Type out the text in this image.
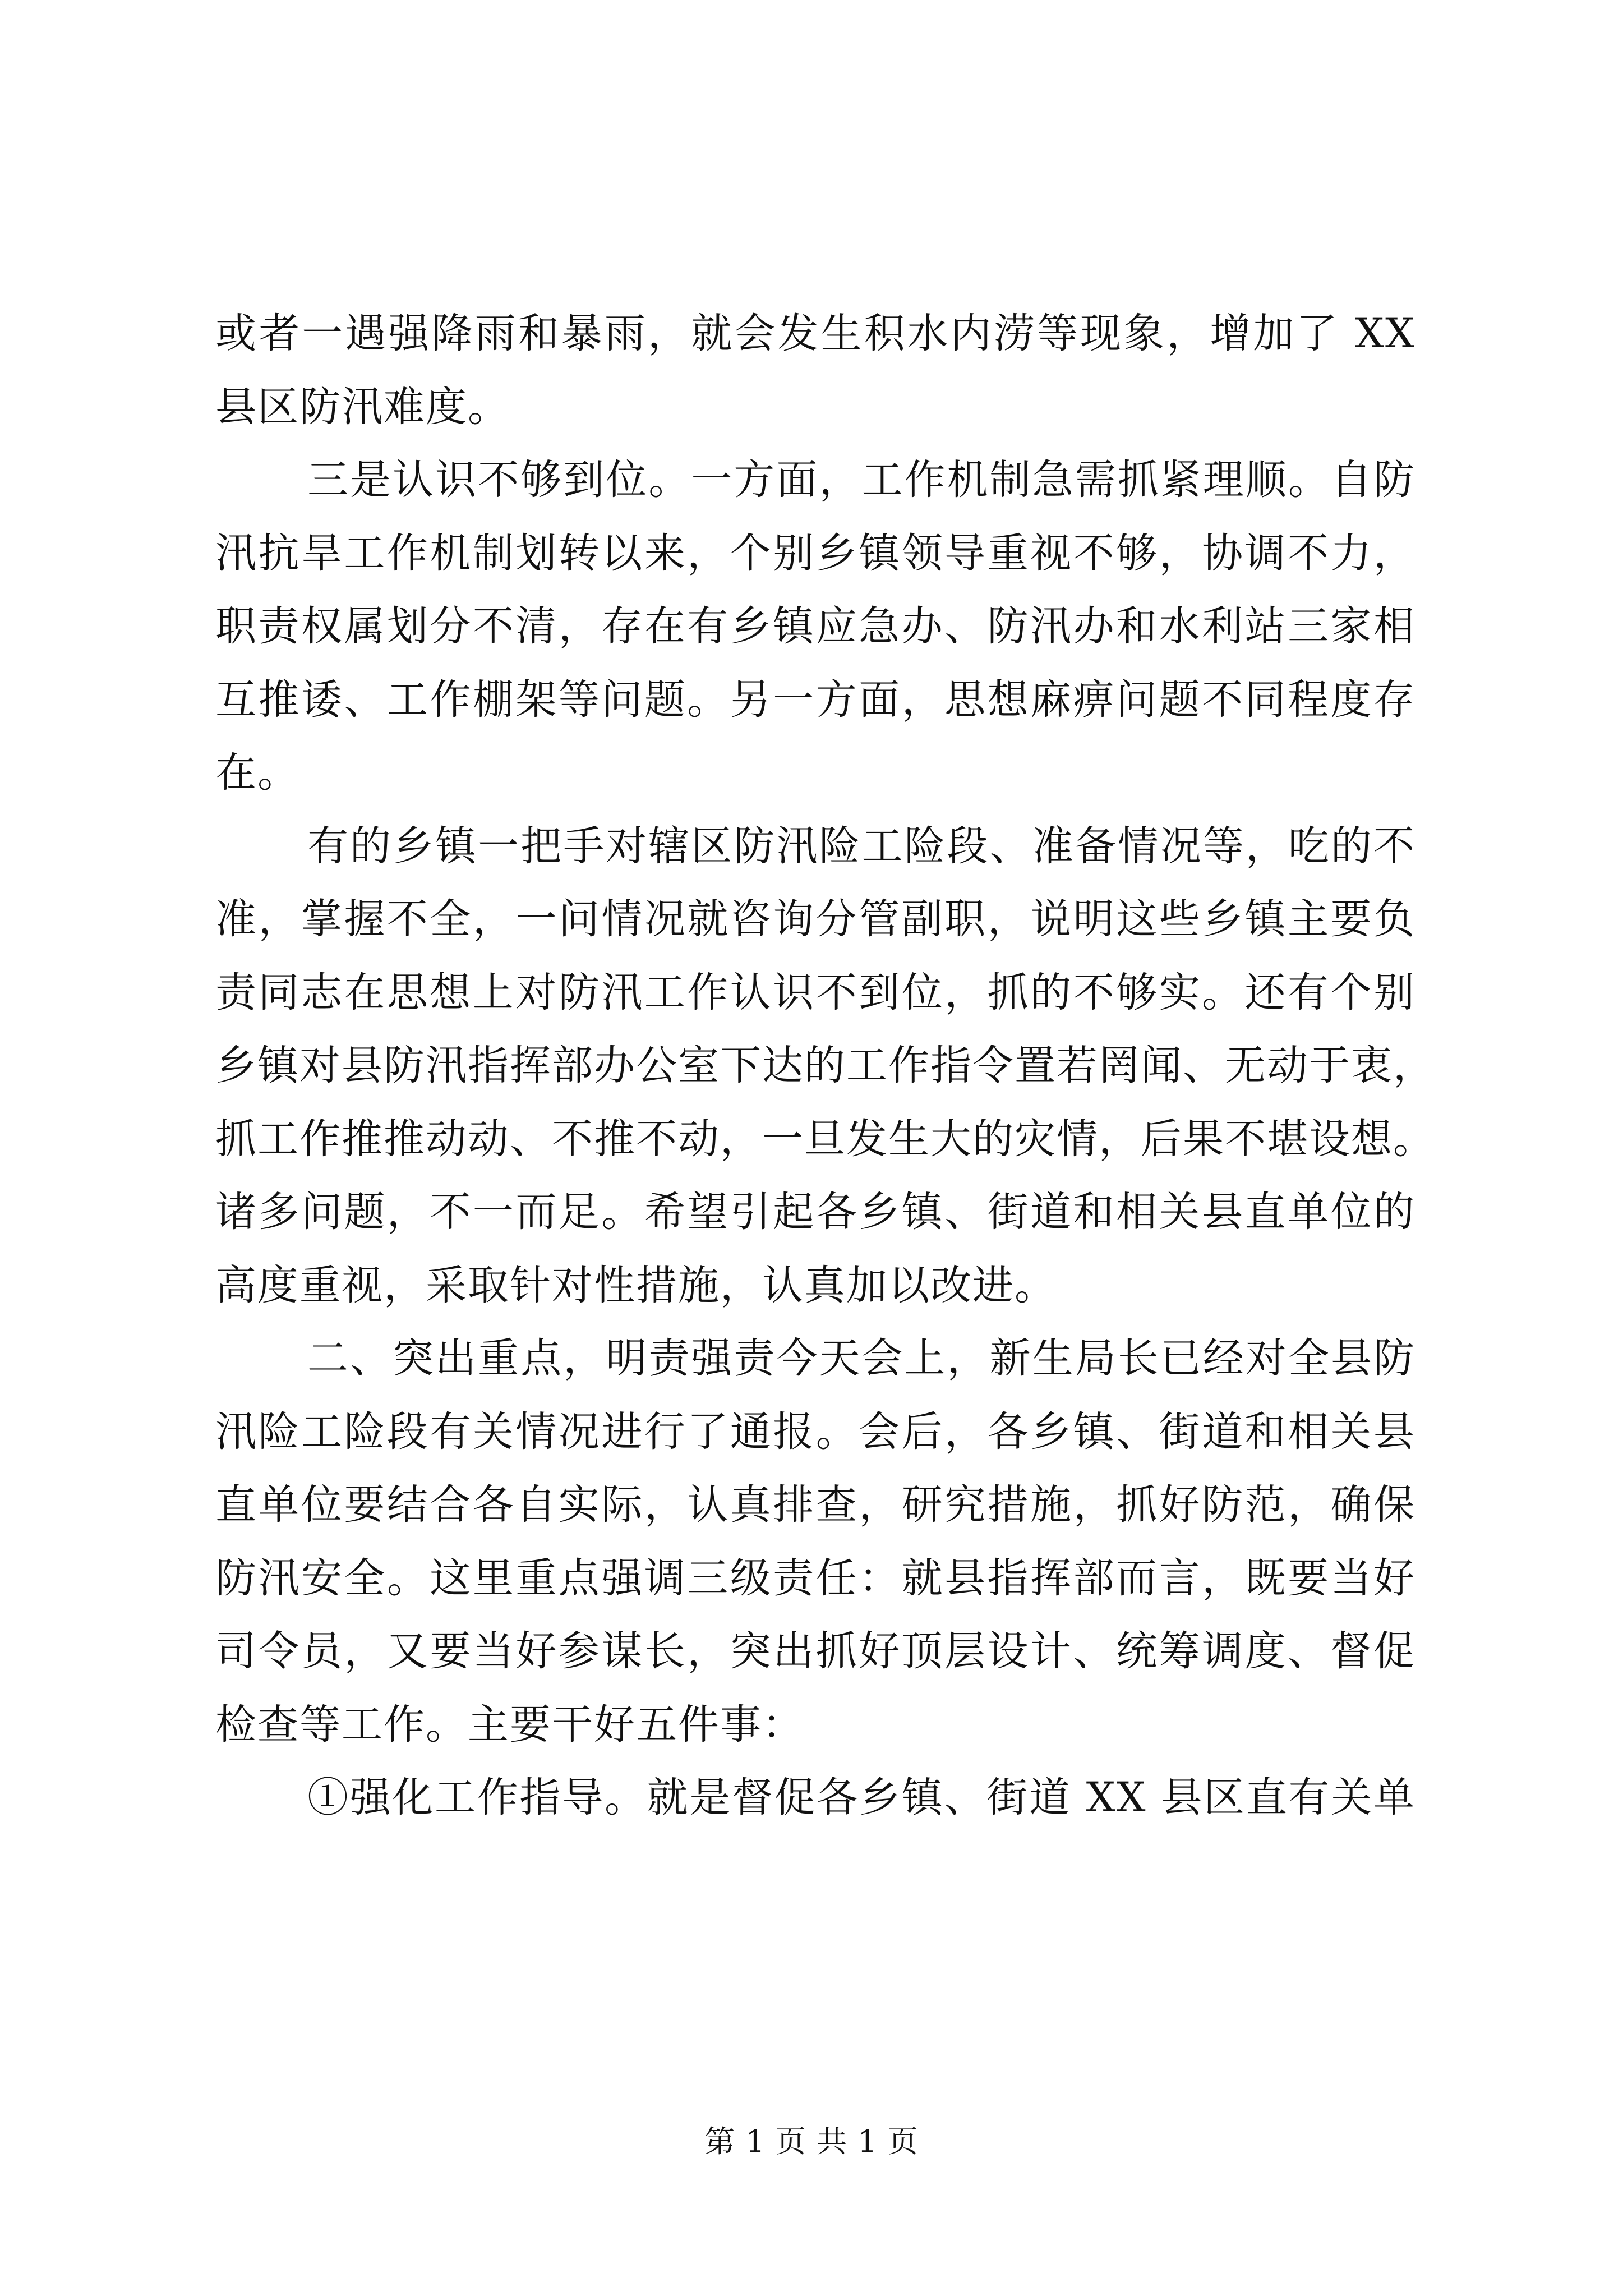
或者一遇强降雨和暴雨，就会发生积水内涝等现象，增加了 XX
县区防汛难度。

三是认识不够到位。一方面，工作机制急需抓紧理顺。自防
汛抗旱工作机制划转以来，个别乡镇领导重视不够，协调不力，
职责权属划分不清，存在有乡镇应急办、防汛办和水利站三家相
互推诿、工作棚架等问题。另一方面，思想麻痹问题不同程度存
在。

有的乡镇一把手对辖区防汛险工险段、准备情况等，吃的不
准，掌握不全，一问情况就咨询分管副职，说明这些乡镇主要负
责同志在思想上对防汛工作认识不到位，抓的不够实。还有个别
乡镇对县防汛指挥部办公室下达的工作指令置若罔闻、无动于衷，
抓工作推推动动、不推不动，一旦发生大的灾情，后果不堪设想。
诸多问题，不一而足。希望引起各乡镇、街道和相关县直单位的
高度重视，采取针对性措施，认真加以改进。

二、突出重点，明责强责今天会上，新生局长已经对全县防
汛险工险段有关情况进行了通报。会后，各乡镇、街道和相关县
直单位要结合各自实际，认真排查，研究措施，抓好防范，确保
防汛安全。这里重点强调三级责任：就县指挥部而言，既要当好
司令员，又要当好参谋长，突出抓好顶层设计、统筹调度、督促
检查等工作。主要干好五件事：

①强化工作指导。就是督促各乡镇、街道 XX 县区直有关单

第 1 页 共 1 页
